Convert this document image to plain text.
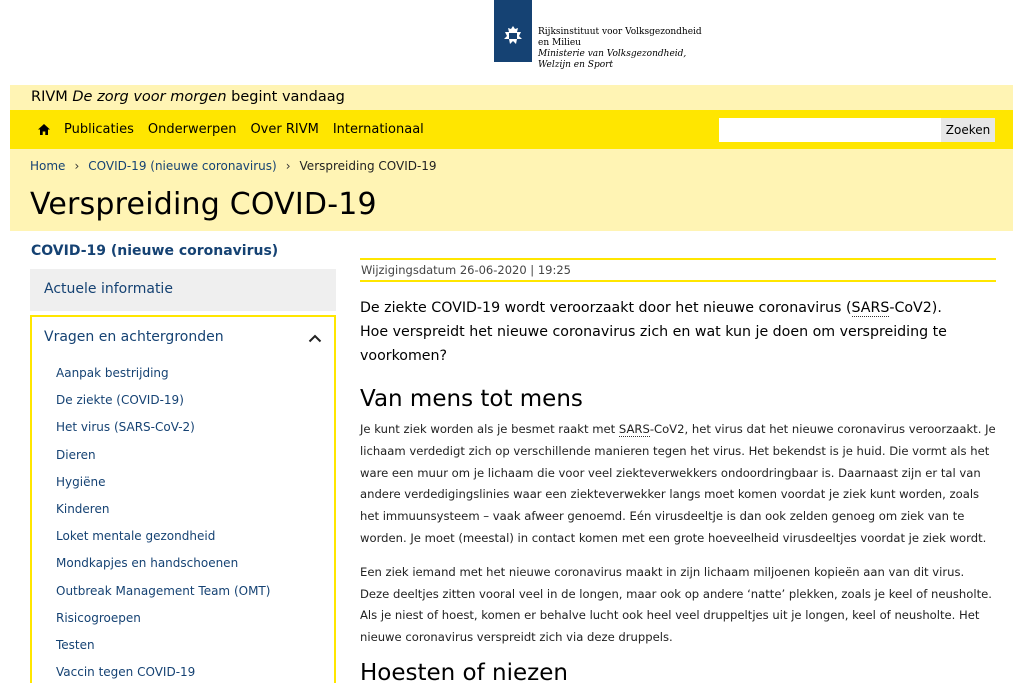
Rijksinstituut voor Volksgezondheid
en Milieu
Ministerie van Volksgezondheid,
Welzijn en Sport
RIVM De zorg voor morgen begint vandaag
Publicaties Onderwerpen Over RIVM Internationaal	Zoeken
Home › COVID-19 (nieuwe coronavirus) › Verspreiding COVID-19
Verspreiding COVID-19
COVID-19 (nieuwe coronavirus)
Actuele informatie
Vragen en achtergronden
Aanpak bestrijding
De ziekte (COVID-19)
Het virus (SARS-CoV-2)
Dieren
Hygiëne
Kinderen
Loket mentale gezondheid
Mondkapjes en handschoenen
Outbreak Management Team (OMT)
Risicogroepen
Testen
Vaccin tegen COVID-19
Wijzigingsdatum 26-06-2020 | 19:25

De ziekte COVID-19 wordt veroorzaakt door het nieuwe coronavirus (SARS-CoV2).
Hoe verspreidt het nieuwe coronavirus zich en wat kun je doen om verspreiding te voorkomen?

Van mens tot mens

Je kunt ziek worden als je besmet raakt met SARS-CoV2, het virus dat het nieuwe coronavirus veroorzaakt. Je lichaam verdedigt zich op verschillende manieren tegen het virus. Het bekendst is je huid. Die vormt als het ware een muur om je lichaam die voor veel ziekteverwekkers ondoordringbaar is. Daarnaast zijn er tal van andere verdedigingslinies waar een ziekteverwekker langs moet komen voordat je ziek kunt worden, zoals het immuunsysteem – vaak afweer genoemd. Eén virusdeeltje is dan ook zelden genoeg om ziek van te worden. Je moet (meestal) in contact komen met een grote hoeveelheid virusdeeltjes voordat je ziek wordt.

Een ziek iemand met het nieuwe coronavirus maakt in zijn lichaam miljoenen kopieën aan van dit virus. Deze deeltjes zitten vooral veel in de longen, maar ook op andere ‘natte’ plekken, zoals je keel of neusholte. Als je niest of hoest, komen er behalve lucht ook heel veel druppeltjes uit je longen, keel of neusholte. Het nieuwe coronavirus verspreidt zich via deze druppels.

Hoesten of niezen
